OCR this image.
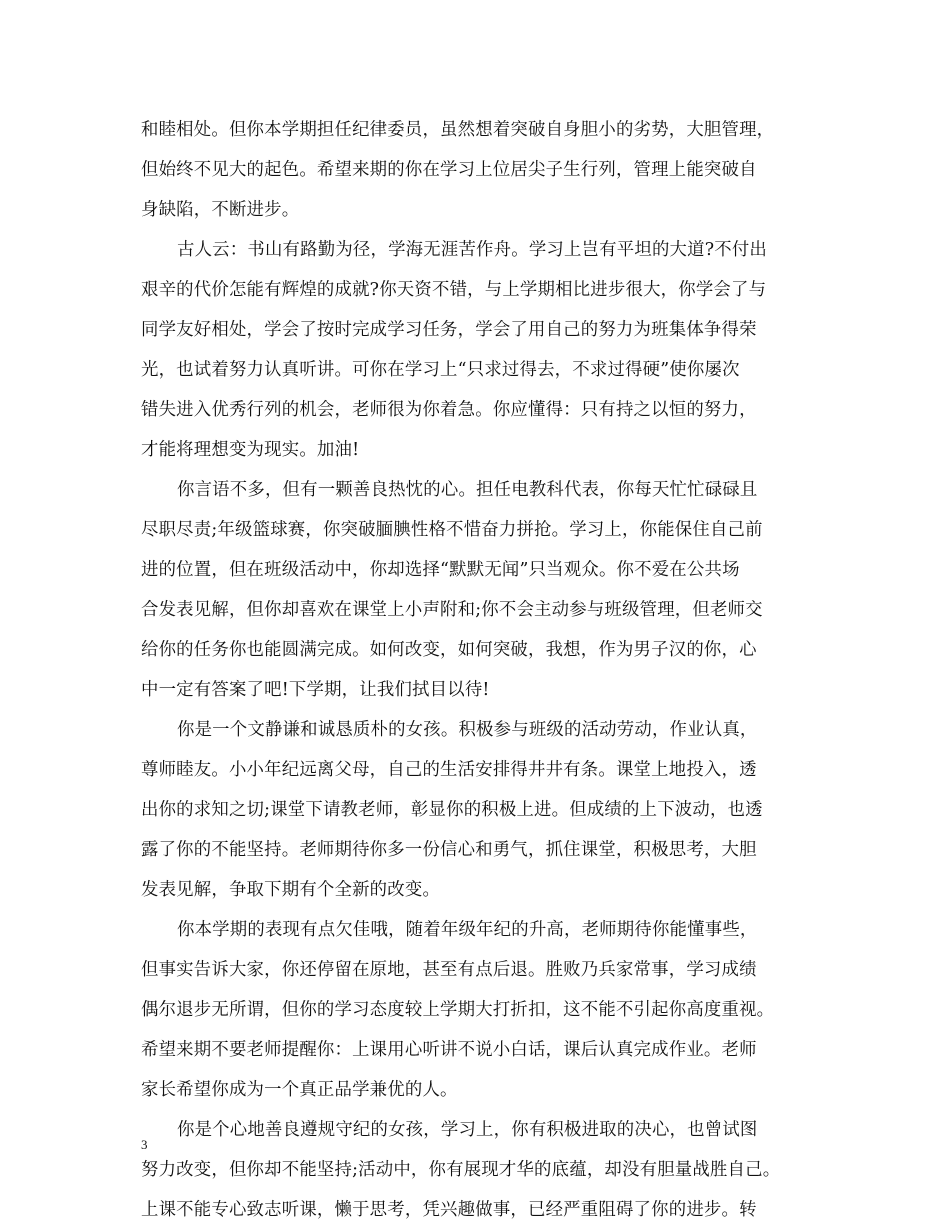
和睦相处。但你本学期担任纪律委员，虽然想着突破自身胆小的劣势，大胆管理，
但始终不见大的起色。希望来期的你在学习上位居尖子生行列，管理上能突破自
身缺陷，不断进步。
古人云：书山有路勤为径，学海无涯苦作舟。学习上岂有平坦的大道?不付出
艰辛的代价怎能有辉煌的成就?你天资不错，与上学期相比进步很大，你学会了与
同学友好相处，学会了按时完成学习任务，学会了用自己的努力为班集体争得荣
光，也试着努力认真听讲。可你在学习上“只求过得去，不求过得硬”使你屡次
错失进入优秀行列的机会，老师很为你着急。你应懂得：只有持之以恒的努力，
才能将理想变为现实。加油!
你言语不多，但有一颗善良热忱的心。担任电教科代表，你每天忙忙碌碌且
尽职尽责;年级篮球赛，你突破腼腆性格不惜奋力拼抢。学习上，你能保住自己前
进的位置，但在班级活动中，你却选择“默默无闻”只当观众。你不爱在公共场
合发表见解，但你却喜欢在课堂上小声附和;你不会主动参与班级管理，但老师交
给你的任务你也能圆满完成。如何改变，如何突破，我想，作为男子汉的你，心
中一定有答案了吧!下学期，让我们拭目以待!
你是一个文静谦和诚恳质朴的女孩。积极参与班级的活动劳动，作业认真，
尊师睦友。小小年纪远离父母，自己的生活安排得井井有条。课堂上地投入，透
出你的求知之切;课堂下请教老师，彰显你的积极上进。但成绩的上下波动，也透
露了你的不能坚持。老师期待你多一份信心和勇气，抓住课堂，积极思考，大胆
发表见解，争取下期有个全新的改变。
你本学期的表现有点欠佳哦，随着年级年纪的升高，老师期待你能懂事些，
但事实告诉大家，你还停留在原地，甚至有点后退。胜败乃兵家常事，学习成绩
偶尔退步无所谓，但你的学习态度较上学期大打折扣，这不能不引起你高度重视。
希望来期不要老师提醒你：上课用心听讲不说小白话，课后认真完成作业。老师
家长希望你成为一个真正品学兼优的人。
你是个心地善良遵规守纪的女孩，学习上，你有积极进取的决心，也曾试图
努力改变，但你却不能坚持;活动中，你有展现才华的底蕴，却没有胆量战胜自己。
上课不能专心致志听课，懒于思考，凭兴趣做事，已经严重阻碍了你的进步。转
3
